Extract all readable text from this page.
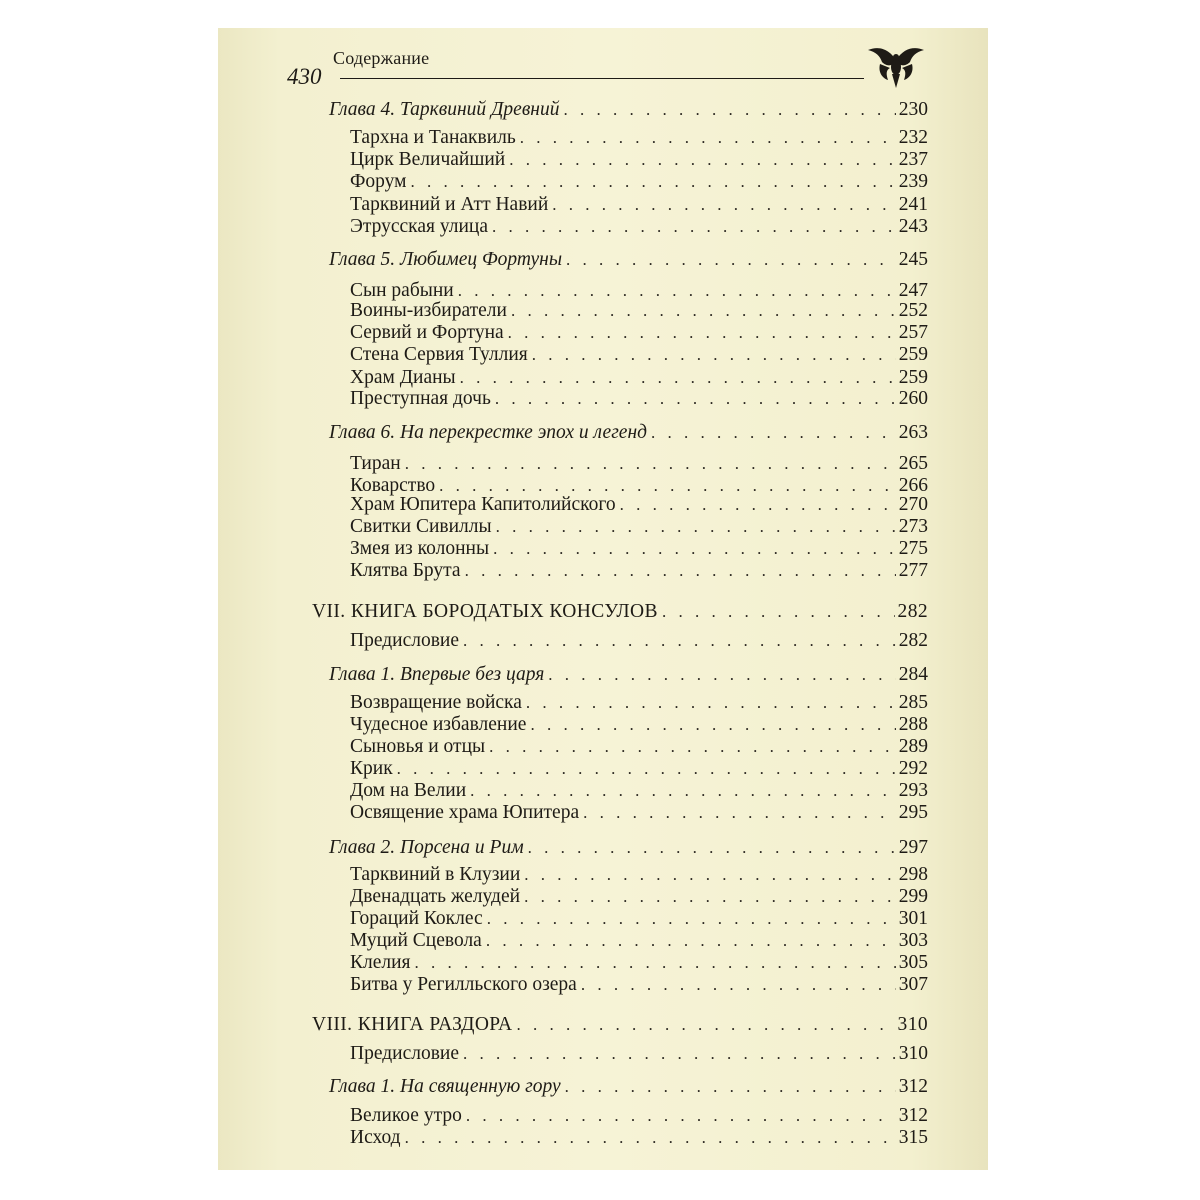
Содержание
430
Глава 4. Тарквиний Древний . . .	230
Тархна и Танаквиль . . .	232
Цирк Величайший . . .	237
Форум . . .	239
Тарквиний и Атт Навий . . .	241
Этрусская улица . . .	243
Глава 5. Любимец Фортуны . . .	245
Сын рабыни . . .	247
Воины-избиратели . . .	252
Сервий и Фортуна . . .	257
Стена Сервия Туллия . . .	259
Храм Дианы . . .	259
Преступная дочь . . .	260
Глава 6. На перекрестке эпох и легенд . . .	263
Тиран . . .	265
Коварство . . .	266
Храм Юпитера Капитолийского . . .	270
Свитки Сивиллы . . .	273
Змея из колонны . . .	275
Клятва Брута . . .	277
VII. КНИГА БОРОДАТЫХ КОНСУЛОВ . . .	282
Предисловие . . .	282
Глава 1. Впервые без царя . . .	284
Возвращение войска . . .	285
Чудесное избавление . . .	288
Сыновья и отцы . . .	289
Крик . . .	292
Дом на Велии . . .	293
Освящение храма Юпитера . . .	295
Глава 2. Порсена и Рим . . .	297
Тарквиний в Клузии . . .	298
Двенадцать желудей . . .	299
Гораций Коклес . . .	301
Муций Сцевола . . .	303
Клелия . . .	305
Битва у Регилльского озера . . .	307
VIII. КНИГА РАЗДОРА . . .	310
Предисловие . . .	310
Глава 1. На священную гору . . .	312
Великое утро . . .	312
Исход . . .	315
